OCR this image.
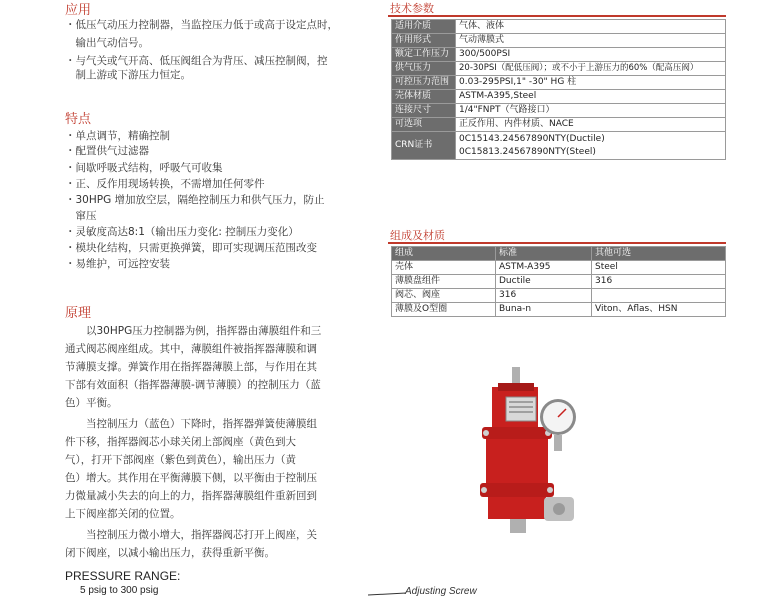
应用
・低压气动压力控制器，当监控压力低于或高于设定点时，
　输出气动信号。
・与气关或气开高、低压阀组合为背压、减压控制阀，控
　制上游或下游压力恒定。
特点
・单点调节，精确控制
・配置供气过滤器
・间歇呼吸式结构，呼吸气可收集
・正、反作用现场转换，不需增加任何零件
・30HPG 增加放空层，隔绝控制压力和供气压力，防止
　窜压
・灵敏度高达8:1（输出压力变化: 控制压力变化）
・模块化结构，只需更换弹簧，即可实现调压范围改变
・易维护，可远控安装
原理
　　以30HPG压力控制器为例，指挥器由薄膜组件和三
通式阀芯阀座组成。其中，薄膜组件被指挥器薄膜和调
节薄膜支撑。弹簧作用在指挥器薄膜上部，与作用在其
下部有效面积（指挥器薄膜-调节薄膜）的控制压力（蓝
色）平衡。
　　当控制压力（蓝色）下降时，指挥器弹簧使薄膜组
件下移，指挥器阀芯小球关闭上部阀座（黄色到大
气），打开下部阀座（紫色到黄色），输出压力（黄
色）增大。其作用在平衡薄膜下侧，以平衡由于控制压
力微量减小失去的向上的力，指挥器薄膜组件重新回到
上下阀座都关闭的位置。
　　当控制压力微小增大，指挥器阀芯打开上阀座，关
闭下阀座，以减小输出压力，获得重新平衡。
PRESSURE RANGE:
5 psig to 300 psig
技术参数
适用介质	气体、液体
作用形式	气动薄膜式
额定工作压力	300/500PSI
供气压力	20-30PSI（配低压阀）；或不小于上游压力的60%（配高压阀）
可控压力范围	0.03-295PSI,1" -30" HG 柱
壳体材质	ASTM-A395,Steel
连接尺寸	1/4"FNPT（气路接口）
可选项	正反作用、内件材质、NACE
CRN证书	0C15143.24567890NTY(Ductile)
0C15813.24567890NTY(Steel)
组成及材质
组成	标准	其他可选
壳体	ASTM-A395	Steel
薄膜盘组件	Ductile	316
阀芯、阀座	316	
薄膜及O型圈	Buna-n	Viton、Aflas、HSN
Adjusting Screw
